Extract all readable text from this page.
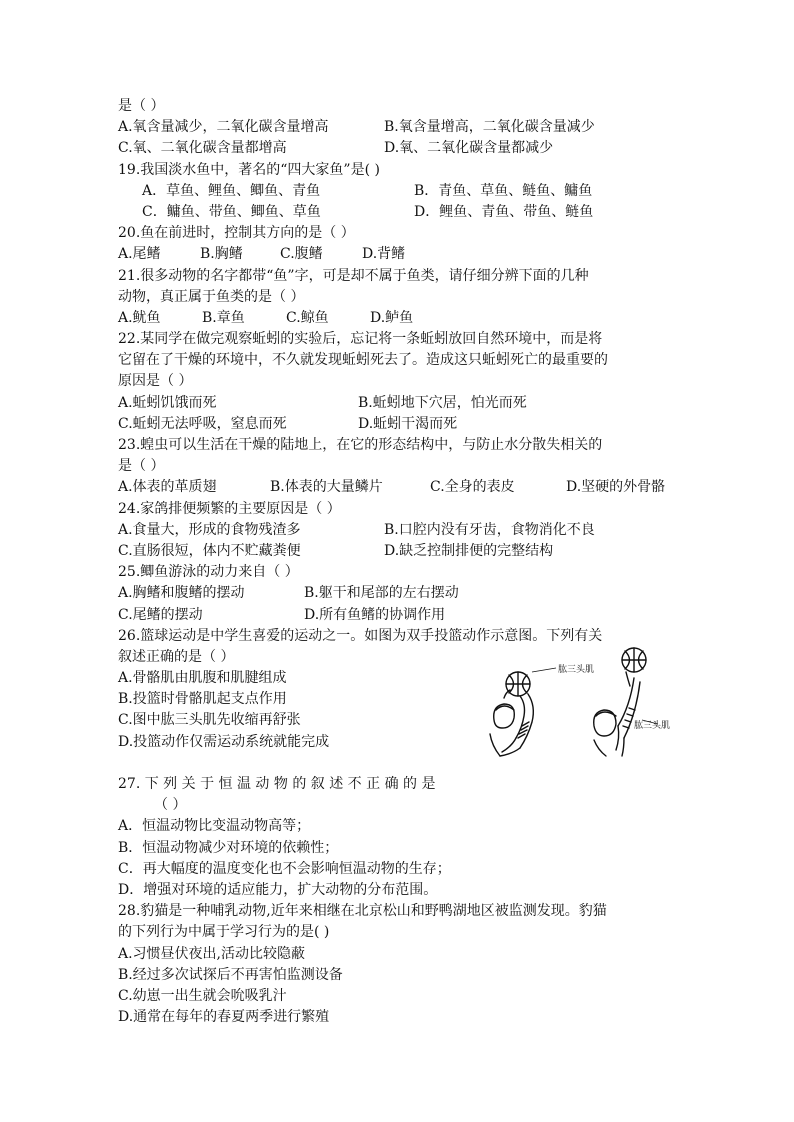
是（ ）
A.氧含量减少，二氧化碳含量增高	B.氧含量增高，二氧化碳含量减少
C.氧、二氧化碳含量都增高	D.氧、二氧化碳含量都减少
19.我国淡水鱼中，著名的“四大家鱼”是( )
A．草鱼、鲤鱼、鲫鱼、青鱼	B．青鱼、草鱼、鲢鱼、鳙鱼
C．鳙鱼、带鱼、鲫鱼、草鱼	D．鲤鱼、青鱼、带鱼、鲢鱼
20.鱼在前进时，控制其方向的是（ ）
A.尾鳍	B.胸鳍	C.腹鳍	D.背鳍
21.很多动物的名字都带“鱼”字，可是却不属于鱼类，请仔细分辨下面的几种
动物，真正属于鱼类的是（ ）
A.鱿鱼	B.章鱼	C.鲸鱼	D.鲈鱼
22.某同学在做完观察蚯蚓的实验后，忘记将一条蚯蚓放回自然环境中，而是将
它留在了干燥的环境中，不久就发现蚯蚓死去了。造成这只蚯蚓死亡的最重要的
原因是（ ）
A.蚯蚓饥饿而死	B.蚯蚓地下穴居，怕光而死
C.蚯蚓无法呼吸，窒息而死	D.蚯蚓干渴而死
23.蝗虫可以生活在干燥的陆地上，在它的形态结构中，与防止水分散失相关的
是（ ）
A.体表的革质翅	B.体表的大量鳞片	C.全身的表皮	D.坚硬的外骨骼
24.家鸽排便频繁的主要原因是（ ）
A.食量大，形成的食物残渣多	B.口腔内没有牙齿，食物消化不良
C.直肠很短，体内不贮藏粪便	D.缺乏控制排便的完整结构
25.鲫鱼游泳的动力来自（ ）
A.胸鳍和腹鳍的摆动	B.躯干和尾部的左右摆动
C.尾鳍的摆动	D.所有鱼鳍的协调作用
26.篮球运动是中学生喜爱的运动之一。如图为双手投篮动作示意图。下列有关
叙述正确的是（ ）
A.骨骼肌由肌腹和肌腱组成
B.投篮时骨骼肌起支点作用
C.图中肱三头肌先收缩再舒张
D.投篮动作仅需运动系统就能完成
27. 下 列 关 于 恒 温 动 物 的 叙 述 不 正 确 的 是
（ ）
A．恒温动物比变温动物高等；
B．恒温动物减少对环境的依赖性；
C．再大幅度的温度变化也不会影响恒温动物的生存；
D．增强对环境的适应能力，扩大动物的分布范围。
28.豹猫是一种哺乳动物,近年来相继在北京松山和野鸭湖地区被监测发现。豹猫
的下列行为中属于学习行为的是( )
A.习惯昼伏夜出,活动比较隐蔽
B.经过多次试探后不再害怕监测设备
C.幼崽一出生就会吮吸乳汁
D.通常在每年的春夏两季进行繁殖
肱三头肌
肱三头肌
